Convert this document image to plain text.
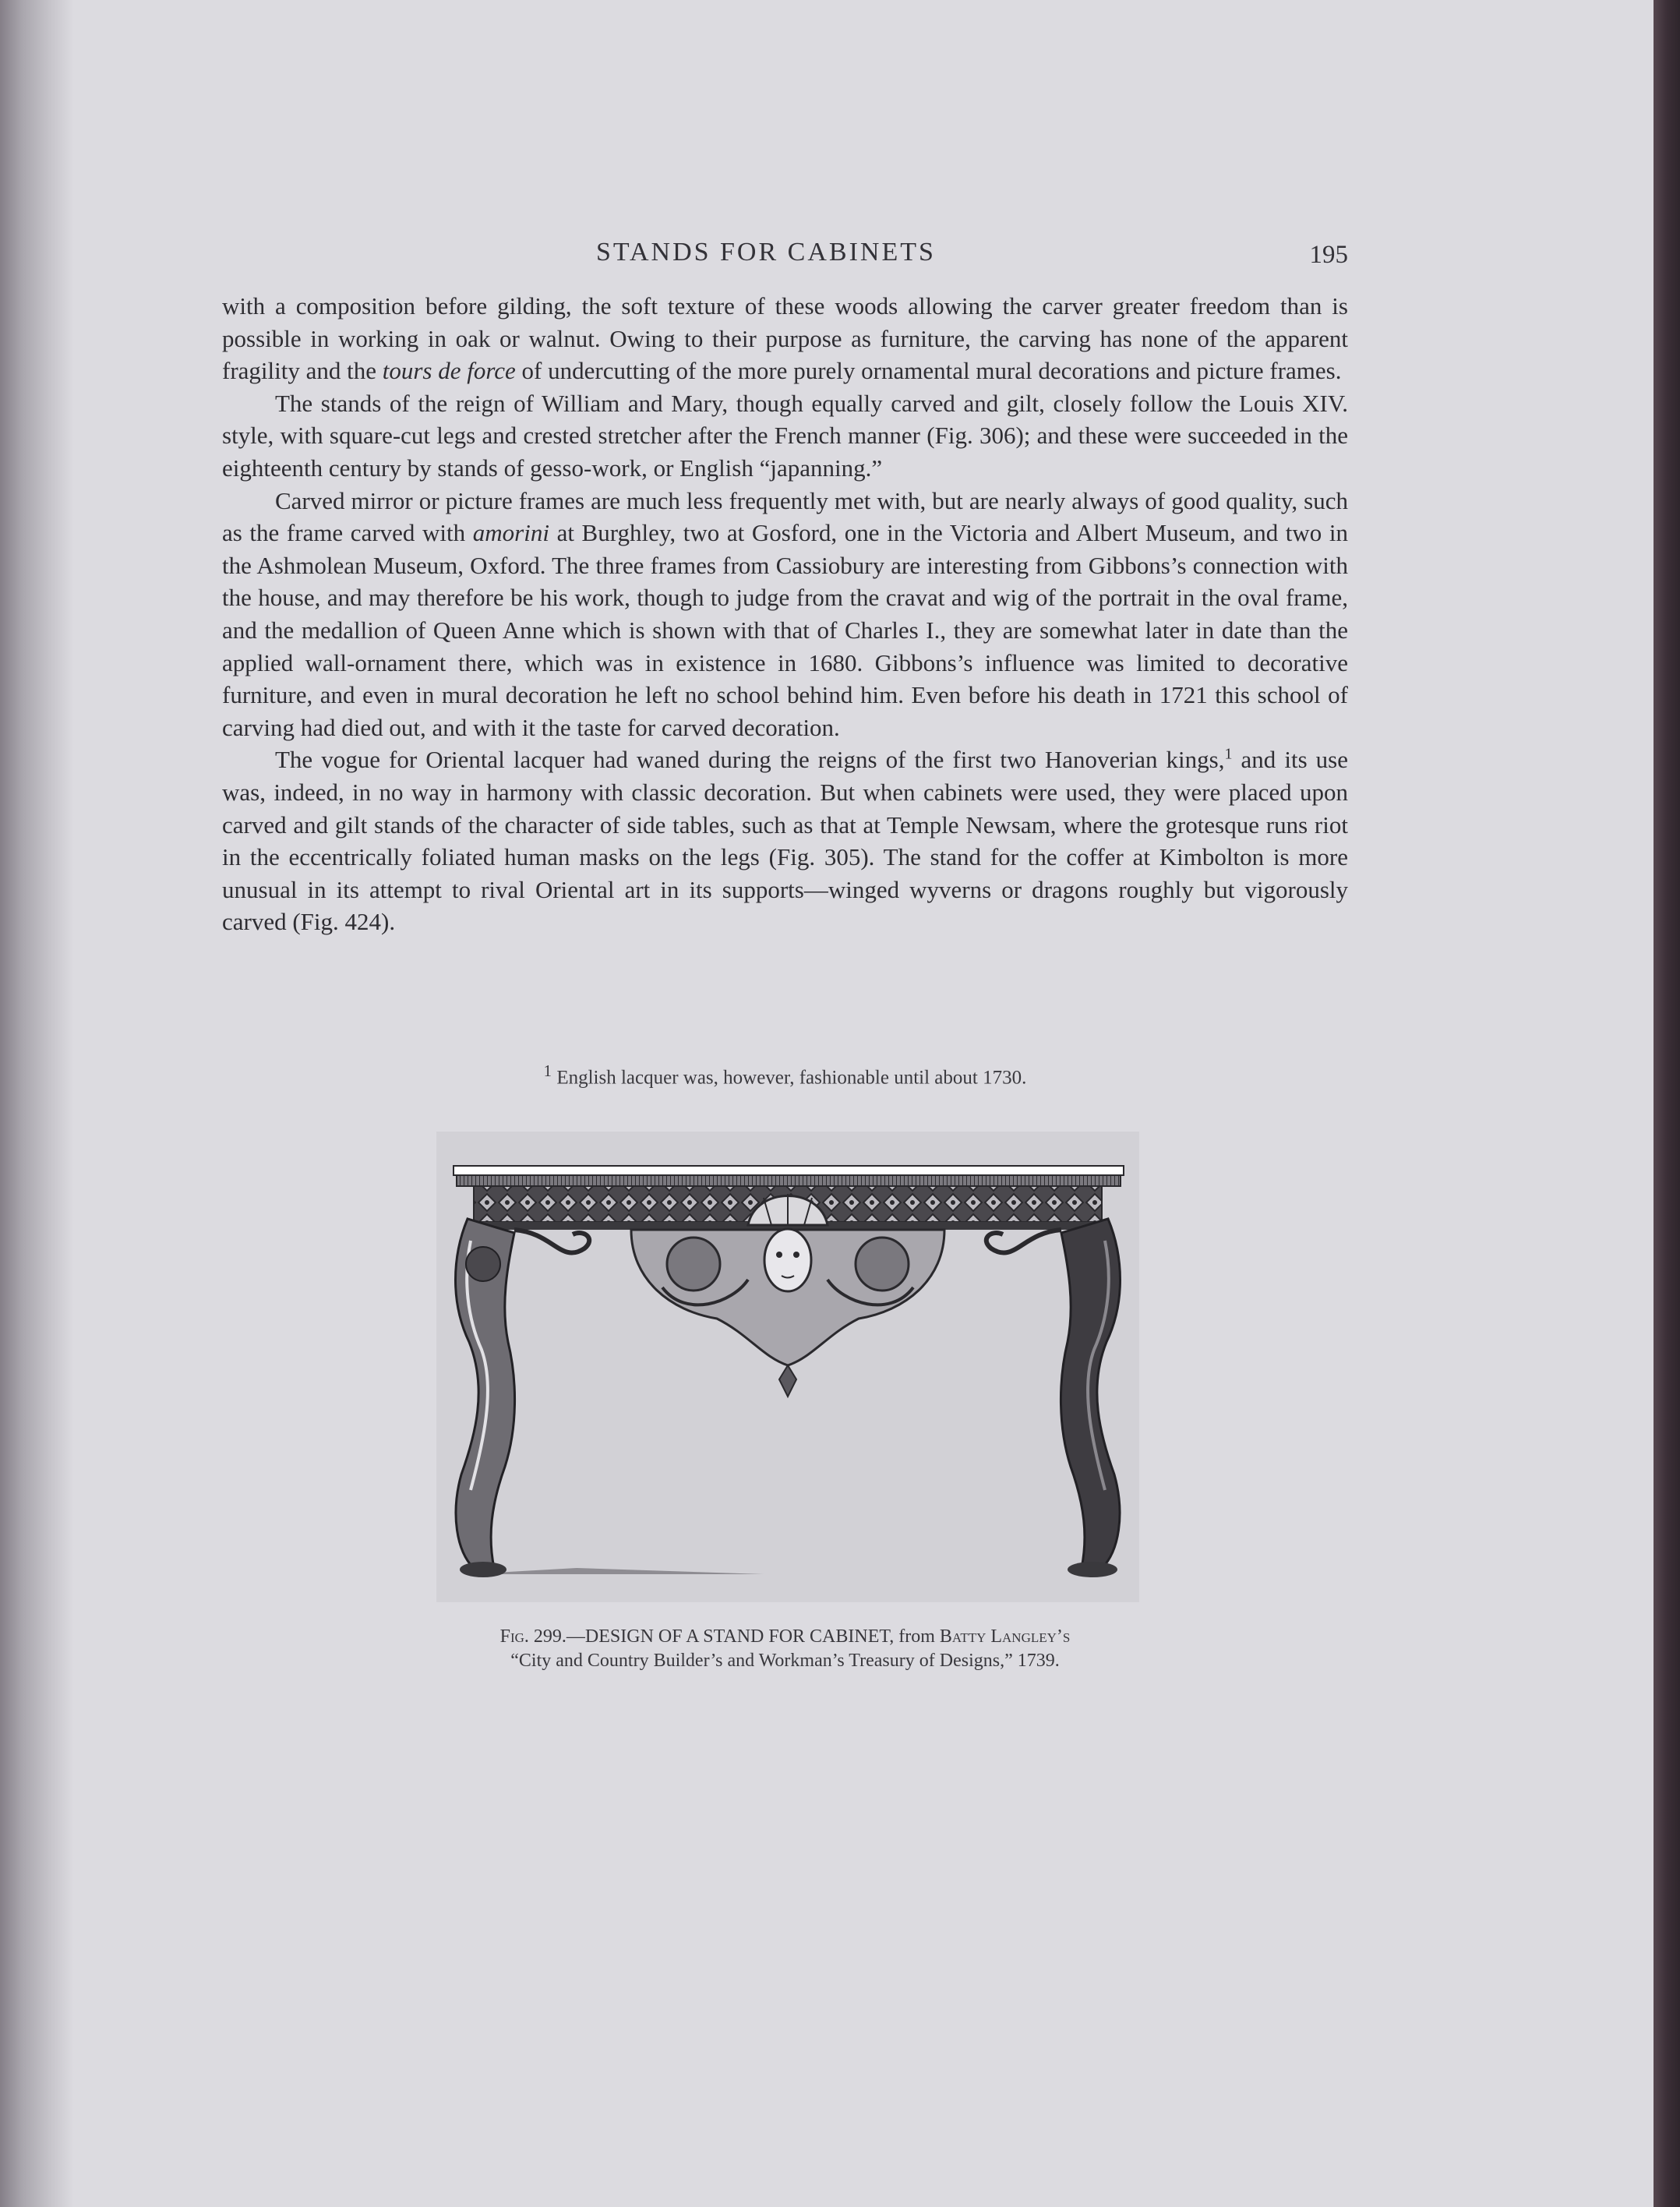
STANDS FOR CABINETS	195

with a composition before gilding, the soft texture of these woods allowing the carver greater freedom than is possible in working in oak or walnut. Owing to their purpose as furniture, the carving has none of the apparent fragility and the tours de force of undercutting of the more purely ornamental mural decorations and picture frames.

The stands of the reign of William and Mary, though equally carved and gilt, closely follow the Louis XIV. style, with square-cut legs and crested stretcher after the French manner (Fig. 306); and these were succeeded in the eighteenth century by stands of gesso-work, or English “japanning.”

Carved mirror or picture frames are much less frequently met with, but are nearly always of good quality, such as the frame carved with amorini at Burghley, two at Gosford, one in the Victoria and Albert Museum, and two in the Ashmolean Museum, Oxford. The three frames from Cassiobury are interesting from Gibbons’s connection with the house, and may therefore be his work, though to judge from the cravat and wig of the portrait in the oval frame, and the medallion of Queen Anne which is shown with that of Charles I., they are somewhat later in date than the applied wall-ornament there, which was in existence in 1680. Gibbons’s influence was limited to decorative furniture, and even in mural decoration he left no school behind him. Even before his death in 1721 this school of carving had died out, and with it the taste for carved decoration.

The vogue for Oriental lacquer had waned during the reigns of the first two Hanoverian kings,$^1$ and its use was, indeed, in no way in harmony with classic decoration. But when cabinets were used, they were placed upon carved and gilt stands of the character of side tables, such as that at Temple Newsam, where the grotesque runs riot in the eccentrically foliated human masks on the legs (Fig. 305). The stand for the coffer at Kimbolton is more unusual in its attempt to rival Oriental art in its supports—winged wyverns or dragons roughly but vigorously carved (Fig. 424).

$^1$ English lacquer was, however, fashionable until about 1730.
Fig. 299.—DESIGN OF A STAND FOR CABINET, from Batty Langley’s
“City and Country Builder’s and Workman’s Treasury of Designs,” 1739.
